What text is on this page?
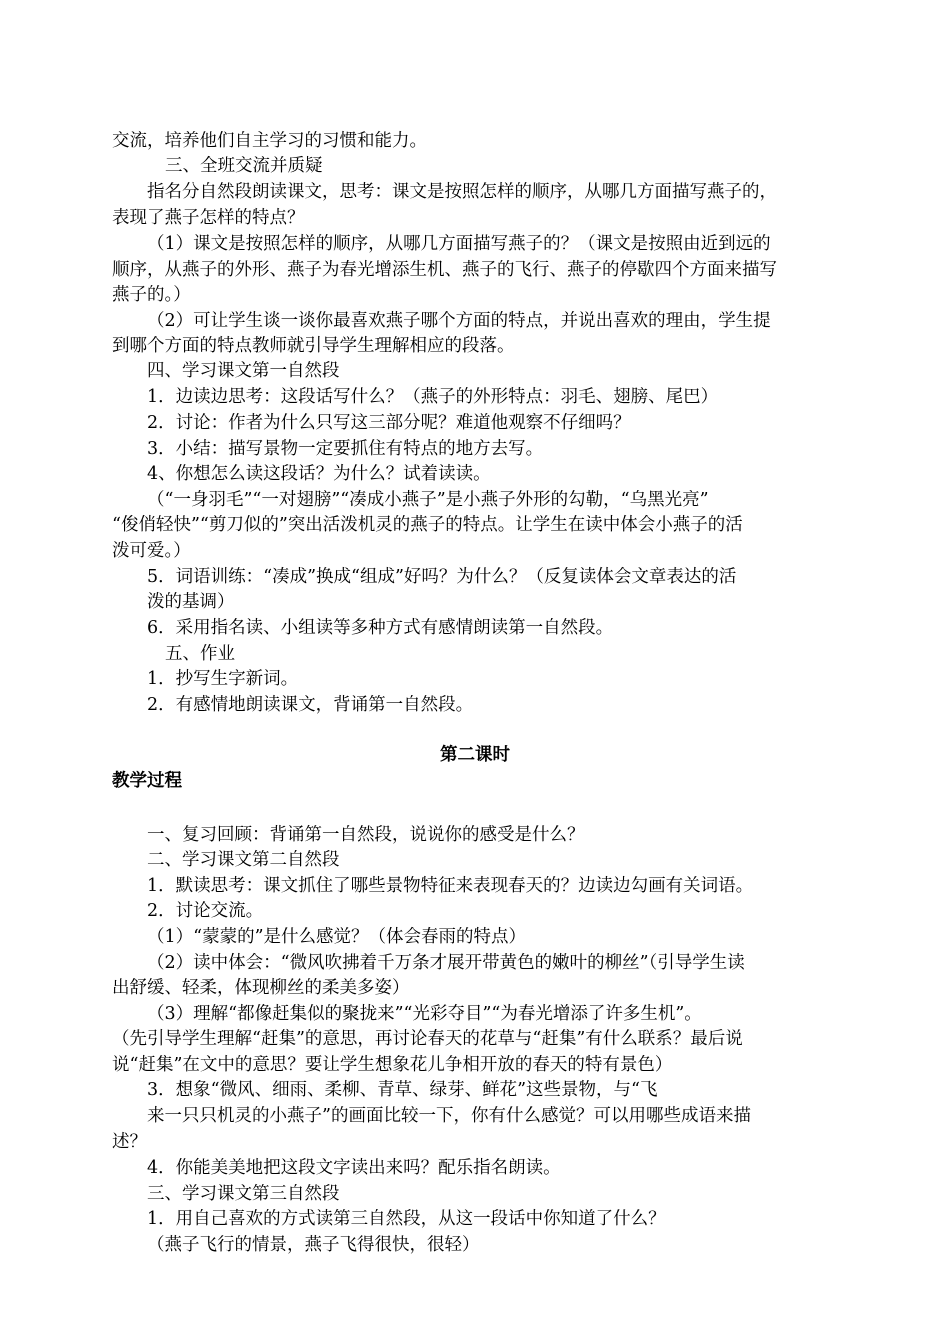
交流，培养他们自主学习的习惯和能力。
三、全班交流并质疑
指名分自然段朗读课文，思考：课文是按照怎样的顺序，从哪几方面描写燕子的，
表现了燕子怎样的特点？
（1）课文是按照怎样的顺序，从哪几方面描写燕子的？（课文是按照由近到远的
顺序，从燕子的外形、燕子为春光增添生机、燕子的飞行、燕子的停歇四个方面来描写
燕子的。）
（2）可让学生谈一谈你最喜欢燕子哪个方面的特点，并说出喜欢的理由，学生提
到哪个方面的特点教师就引导学生理解相应的段落。
四、学习课文第一自然段
1．边读边思考：这段话写什么？（燕子的外形特点：羽毛、翅膀、尾巴）
2．讨论：作者为什么只写这三部分呢？难道他观察不仔细吗？
3．小结：描写景物一定要抓住有特点的地方去写。
4、你想怎么读这段话？为什么？试着读读。
（“一身羽毛”“一对翅膀”“凑成小燕子”是小燕子外形的勾勒，“乌黑光亮”
“俊俏轻快”“剪刀似的”突出活泼机灵的燕子的特点。让学生在读中体会小燕子的活
泼可爱。）
5．词语训练：“凑成”换成“组成”好吗？为什么？（反复读体会文章表达的活
泼的基调）
6．采用指名读、小组读等多种方式有感情朗读第一自然段。
五、作业
1．抄写生字新词。
2．有感情地朗读课文，背诵第一自然段。
第二课时
教学过程
一、复习回顾：背诵第一自然段，说说你的感受是什么？
二、学习课文第二自然段
1．默读思考：课文抓住了哪些景物特征来表现春天的？边读边勾画有关词语。
2．讨论交流。
（1）“蒙蒙的”是什么感觉？（体会春雨的特点）
（2）读中体会：“微风吹拂着千万条才展开带黄色的嫩叶的柳丝”（引导学生读
出舒缓、轻柔，体现柳丝的柔美多姿）
（3）理解“都像赶集似的聚拢来”“光彩夺目”“为春光增添了许多生机”。
（先引导学生理解“赶集”的意思，再讨论春天的花草与“赶集”有什么联系？最后说
说“赶集”在文中的意思？要让学生想象花儿争相开放的春天的特有景色）
3．想象“微风、细雨、柔柳、青草、绿芽、鲜花”这些景物，与“飞
来一只只机灵的小燕子”的画面比较一下，你有什么感觉？可以用哪些成语来描
述？
4．你能美美地把这段文字读出来吗？配乐指名朗读。
三、学习课文第三自然段
1．用自己喜欢的方式读第三自然段，从这一段话中你知道了什么？
（燕子飞行的情景，燕子飞得很快，很轻）
